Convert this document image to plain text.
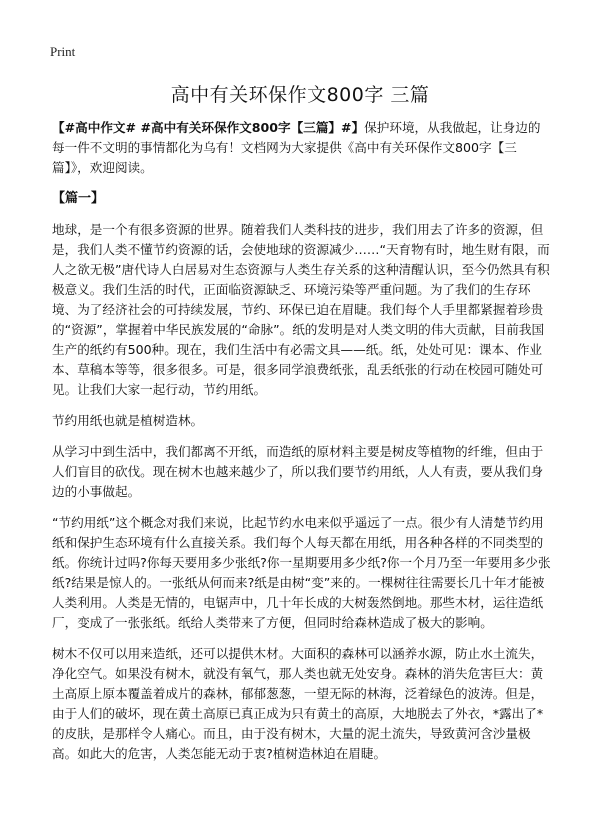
Print
高中有关环保作文800字 三篇

【#高中作文# #高中有关环保作文800字【三篇】#】保护环境，从我做起，让身边的每一件不文明的事情都化为乌有！文档网为大家提供《高中有关环保作文800字【三篇】》，欢迎阅读。

【篇一】

地球，是一个有很多资源的世界。随着我们人类科技的进步，我们用去了许多的资源，但是，我们人类不懂节约资源的话，会使地球的资源减少……“天育物有时，地生财有限，而人之欲无极”唐代诗人白居易对生态资源与人类生存关系的这种清醒认识，至今仍然具有积极意义。我们生活的时代，正面临资源缺乏、环境污染等严重问题。为了我们的生存环境、为了经济社会的可持续发展，节约、环保已迫在眉睫。我们每个人手里都紧握着珍贵的“资源”，掌握着中华民族发展的“命脉”。纸的发明是对人类文明的伟大贡献，目前我国生产的纸约有500种。现在，我们生活中有必需文具——纸。纸，处处可见：课本、作业本、草稿本等等，很多很多。可是，很多同学浪费纸张，乱丢纸张的行动在校园可随处可见。让我们大家一起行动，节约用纸。

节约用纸也就是植树造林。

从学习中到生活中，我们都离不开纸，而造纸的原材料主要是树皮等植物的纤维，但由于人们盲目的砍伐。现在树木也越来越少了，所以我们要节约用纸，人人有责，要从我们身边的小事做起。

“节约用纸”这个概念对我们来说，比起节约水电来似乎遥远了一点。很少有人清楚节约用纸和保护生态环境有什么直接关系。我们每个人每天都在用纸，用各种各样的不同类型的纸。你统计过吗?你每天要用多少张纸?你一星期要用多少纸?你一个月乃至一年要用多少张纸?结果是惊人的。一张纸从何而来?纸是由树“变”来的。一棵树往往需要长几十年才能被人类利用。人类是无情的，电锯声中，几十年长成的大树轰然倒地。那些木材，运往造纸厂，变成了一张张纸。纸给人类带来了方便，但同时给森林造成了极大的影响。

树木不仅可以用来造纸，还可以提供木材。大面积的森林可以涵养水源，防止水土流失，净化空气。如果没有树木，就没有氧气，那人类也就无处安身。森林的消失危害巨大：黄土高原上原本覆盖着成片的森林，郁郁葱葱，一望无际的林海，泛着绿色的波涛。但是，由于人们的破坏，现在黄土高原已真正成为只有黄土的高原，大地脱去了外衣，*露出了*的皮肤，是那样令人痛心。而且，由于没有树木，大量的泥土流失，导致黄河含沙量极高。如此大的危害，人类怎能无动于衷?植树造林迫在眉睫。
